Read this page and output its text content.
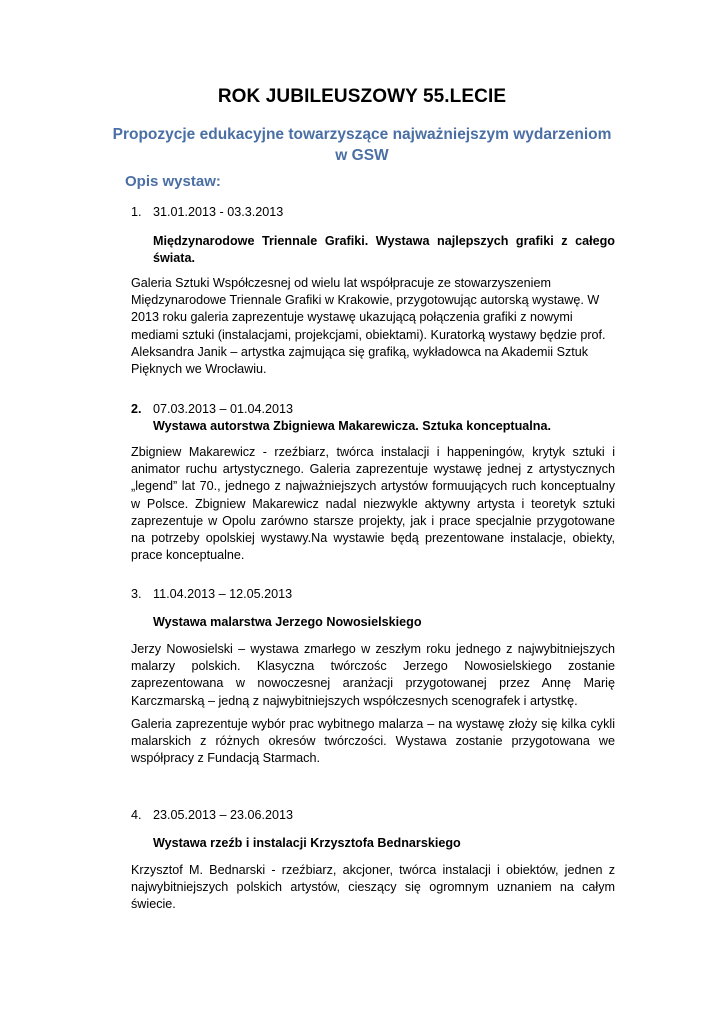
ROK JUBILEUSZOWY 55.LECIE
Propozycje edukacyjne towarzyszące najważniejszym wydarzeniom
w GSW
Opis wystaw:
1. 31.01.2013 - 03.3.2013
Międzynarodowe Triennale Grafiki. Wystawa najlepszych grafiki z całego świata.
Galeria Sztuki Współczesnej od wielu lat współpracuje ze stowarzyszeniem Międzynarodowe Triennale Grafiki w Krakowie, przygotowując autorską wystawę. W 2013 roku galeria zaprezentuje wystawę ukazującą połączenia grafiki z nowymi mediami sztuki (instalacjami, projekcjami, obiektami). Kuratorką wystawy będzie prof. Aleksandra Janik – artystka zajmująca się grafiką, wykładowca na Akademii Sztuk Pięknych we Wrocławiu.
2. 07.03.2013 – 01.04.2013
Wystawa autorstwa Zbigniewa Makarewicza. Sztuka konceptualna.
Zbigniew Makarewicz - rzeźbiarz, twórca instalacji i happeningów, krytyk sztuki i animator ruchu artystycznego. Galeria zaprezentuje wystawę jednej z artystycznych „legend” lat 70., jednego z najważniejszych artystów formuujących ruch konceptualny w Polsce. Zbigniew Makarewicz nadal niezwykle aktywny artysta i teoretyk sztuki zaprezentuje w Opolu zarówno starsze projekty, jak i prace specjalnie przygotowane na potrzeby opolskiej wystawy.Na wystawie będą prezentowane instalacje, obiekty, prace konceptualne.
3. 11.04.2013 – 12.05.2013
Wystawa malarstwa Jerzego Nowosielskiego
Jerzy Nowosielski – wystawa zmarłego w zeszłym roku jednego z najwybitniejszych malarzy polskich. Klasyczna twórczośc Jerzego Nowosielskiego zostanie zaprezentowana w nowoczesnej aranżacji przygotowanej przez Annę Marię Karczmarską – jedną z najwybitniejszych współczesnych scenografek i artystkę.
Galeria zaprezentuje wybór prac wybitnego malarza – na wystawę złoży się kilka cykli malarskich z różnych okresów twórczości. Wystawa zostanie przygotowana we współpracy z Fundacją Starmach.
4. 23.05.2013 – 23.06.2013
Wystawa rzeźb i instalacji Krzysztofa Bednarskiego
Krzysztof M. Bednarski - rzeźbiarz, akcjoner, twórca instalacji i obiektów, jednen z najwybitniejszych polskich artystów, cieszący się ogromnym uznaniem na całym świecie.
